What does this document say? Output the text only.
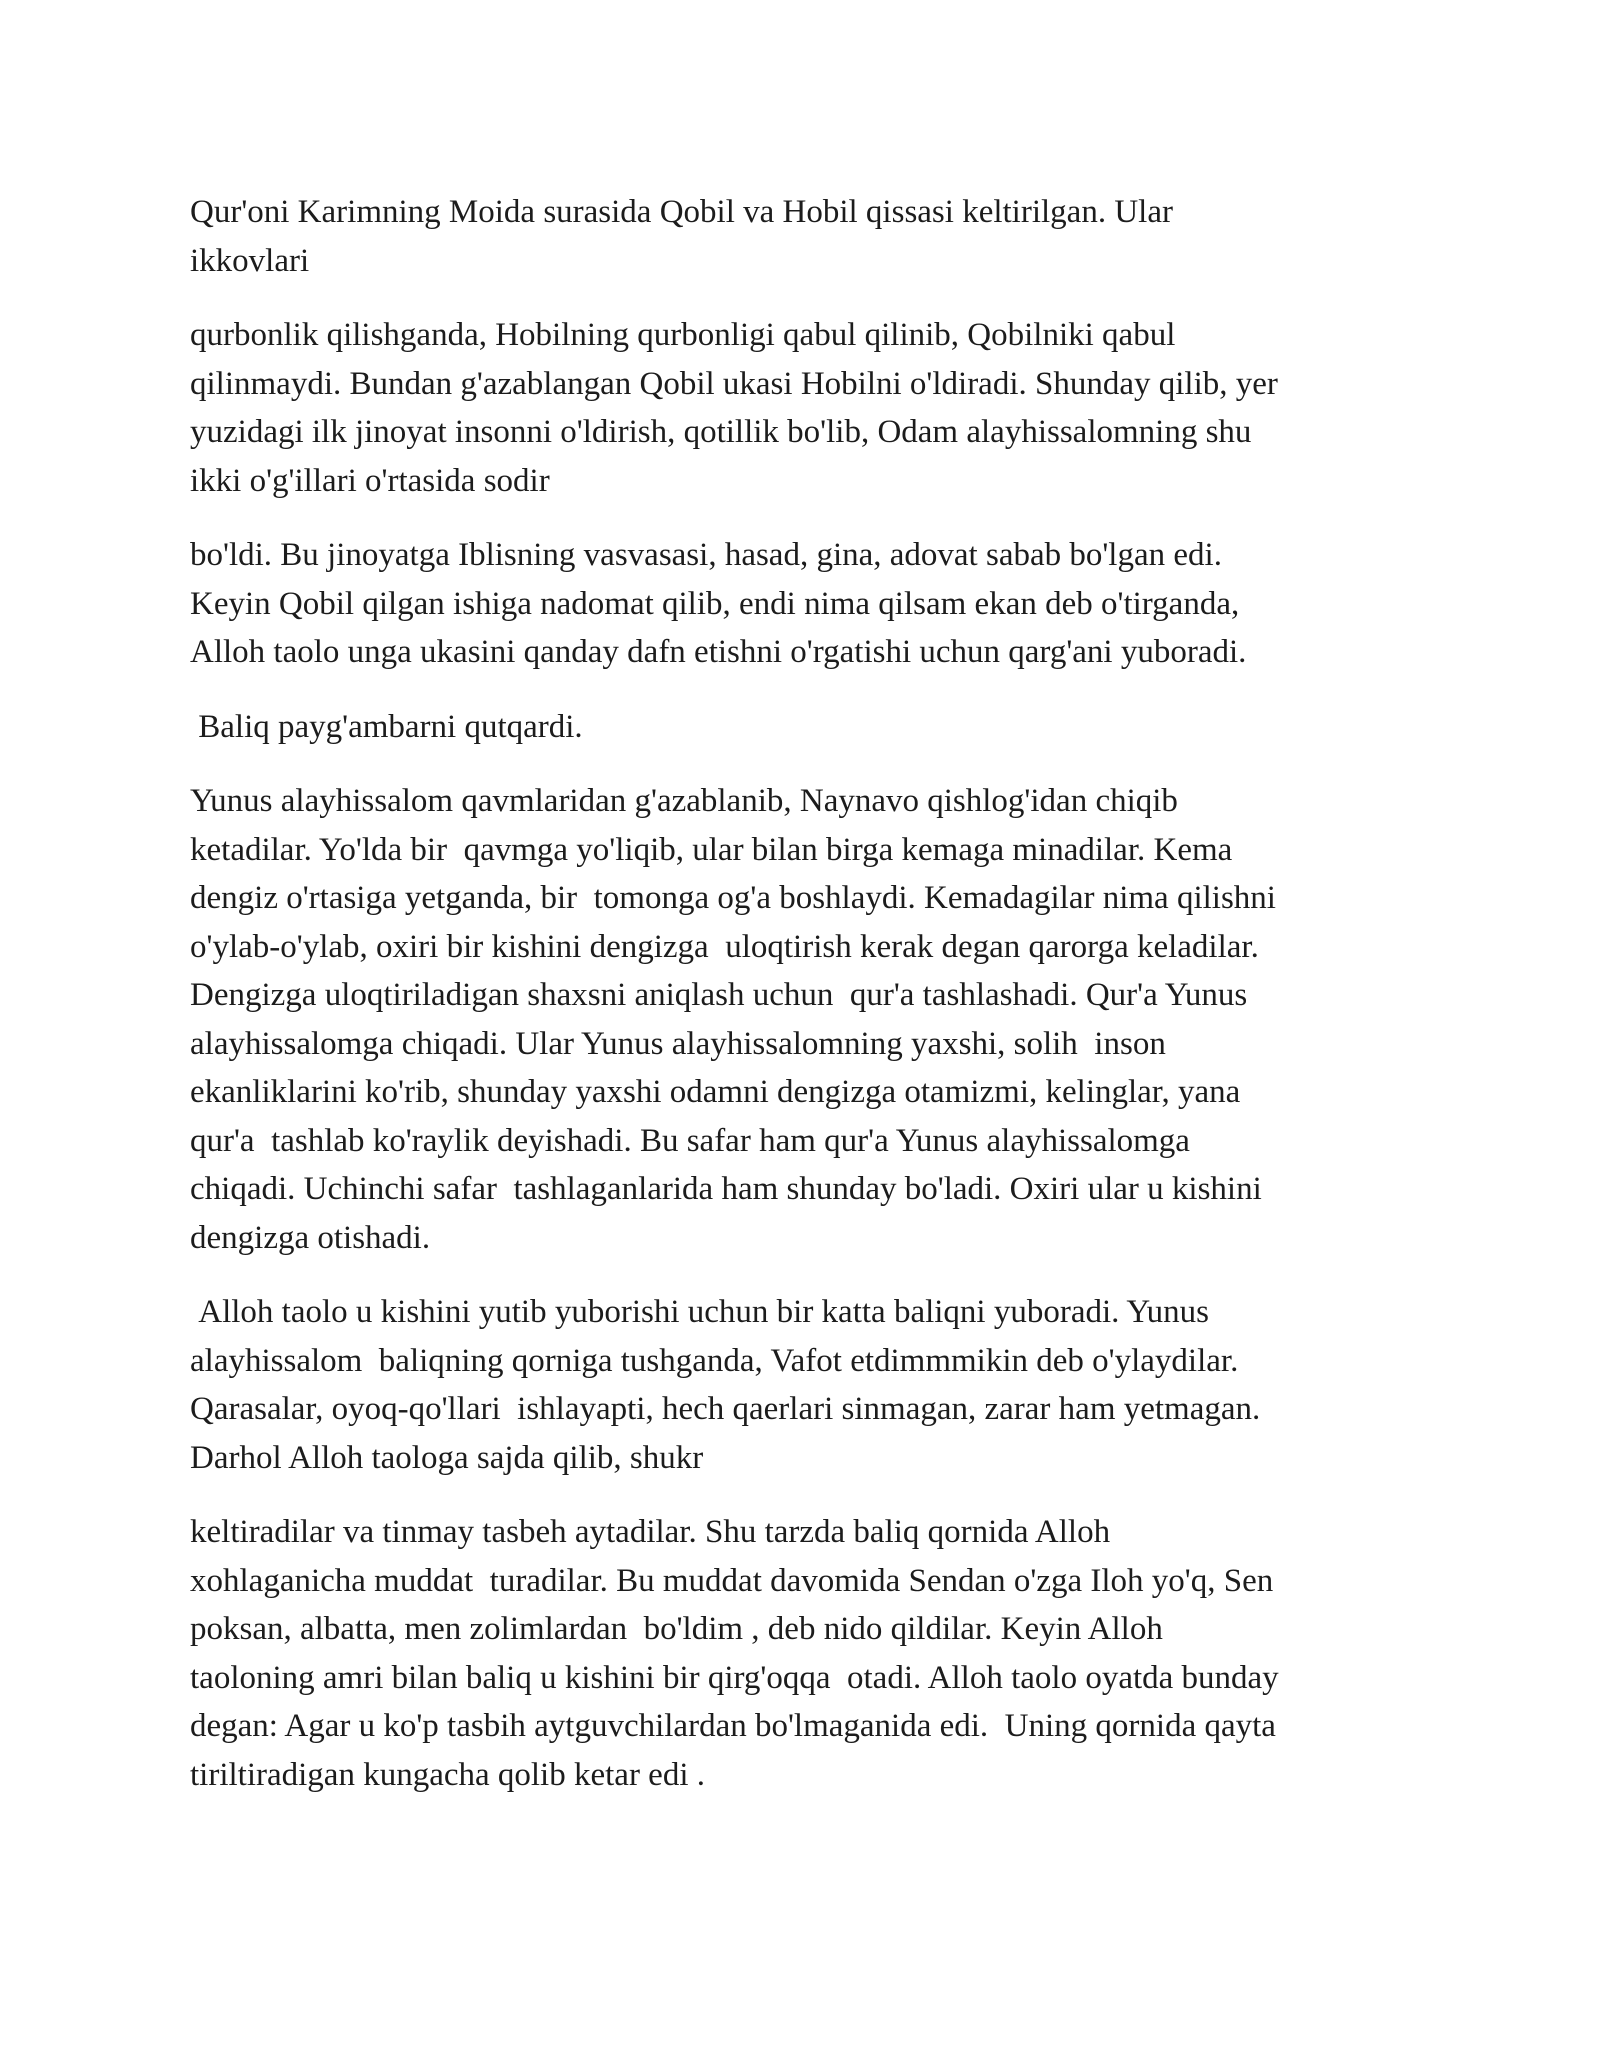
Qur'oni Karimning Moida surasida Qobil va Hobil qissasi keltirilgan. Ular
ikkovlari

qurbonlik qilishganda, Hobilning qurbonligi qabul qilinib, Qobilniki qabul
qilinmaydi. Bundan g'azablangan Qobil ukasi Hobilni o'ldiradi. Shunday qilib, yer
yuzidagi ilk jinoyat insonni o'ldirish, qotillik bo'lib, Odam alayhissalomning shu
ikki o'g'illari o'rtasida sodir

bo'ldi. Bu jinoyatga Iblisning vasvasasi, hasad, gina, adovat sabab bo'lgan edi.
Keyin Qobil qilgan ishiga nadomat qilib, endi nima qilsam ekan deb o'tirganda,
Alloh taolo unga ukasini qanday dafn etishni o'rgatishi uchun qarg'ani yuboradi.

Baliq payg'ambarni qutqardi.

Yunus alayhissalom qavmlaridan g'azablanib, Naynavo qishlog'idan chiqib
ketadilar. Yo'lda bir  qavmga yo'liqib, ular bilan birga kemaga minadilar. Kema
dengiz o'rtasiga yetganda, bir  tomonga og'a boshlaydi. Kemadagilar nima qilishni
o'ylab-o'ylab, oxiri bir kishini dengizga  uloqtirish kerak degan qarorga keladilar.
Dengizga uloqtiriladigan shaxsni aniqlash uchun  qur'a tashlashadi. Qur'a Yunus
alayhissalomga chiqadi. Ular Yunus alayhissalomning yaxshi, solih  inson
ekanliklarini ko'rib, shunday yaxshi odamni dengizga otamizmi, kelinglar, yana
qur'a  tashlab ko'raylik deyishadi. Bu safar ham qur'a Yunus alayhissalomga
chiqadi. Uchinchi safar  tashlaganlarida ham shunday bo'ladi. Oxiri ular u kishini
dengizga otishadi.

Alloh taolo u kishini yutib yuborishi uchun bir katta baliqni yuboradi. Yunus
alayhissalom  baliqning qorniga tushganda, Vafot etdimmmikin deb o'ylaydilar.
Qarasalar, oyoq-qo'llari  ishlayapti, hech qaerlari sinmagan, zarar ham yetmagan.
Darhol Alloh taologa sajda qilib, shukr

keltiradilar va tinmay tasbeh aytadilar. Shu tarzda baliq qornida Alloh
xohlaganicha muddat  turadilar. Bu muddat davomida Sendan o'zga Iloh yo'q, Sen
poksan, albatta, men zolimlardan  bo'ldim , deb nido qildilar. Keyin Alloh
taoloning amri bilan baliq u kishini bir qirg'oqqa  otadi. Alloh taolo oyatda bunday
degan: Agar u ko'p tasbih aytguvchilardan bo'lmaganida edi.  Uning qornida qayta
tiriltiradigan kungacha qolib ketar edi .
